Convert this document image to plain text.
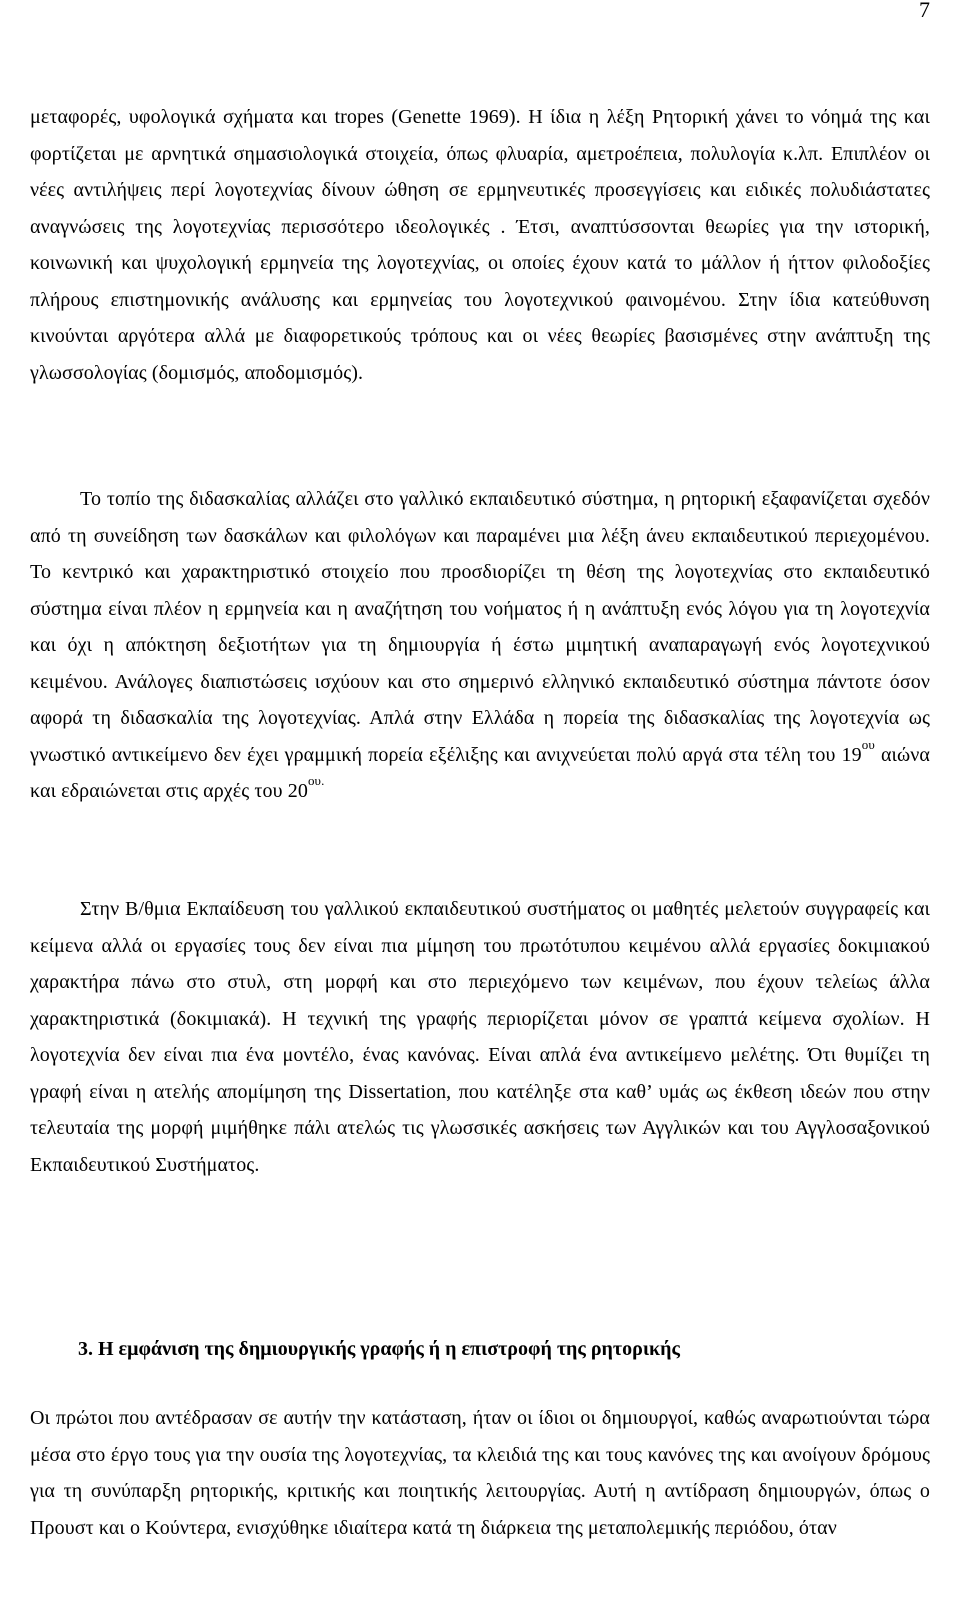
7

μεταφορές, υφολογικά σχήματα και tropes (Genette 1969). Η ίδια η λέξη Ρητορική χάνει το νόημά της και φορτίζεται με αρνητικά σημασιολογικά στοιχεία, όπως φλυαρία, αμετροέπεια, πολυλογία κ.λπ. Επιπλέον οι νέες αντιλήψεις περί λογοτεχνίας δίνουν ώθηση σε ερμηνευτικές προσεγγίσεις και ειδικές πολυδιάστατες αναγνώσεις της λογοτεχνίας περισσότερο ιδεολογικές . Έτσι, αναπτύσσονται θεωρίες για την ιστορική, κοινωνική και ψυχολογική ερμηνεία της λογοτεχνίας, οι οποίες έχουν κατά το μάλλον ή ήττον φιλοδοξίες πλήρους επιστημονικής ανάλυσης και ερμηνείας του λογοτεχνικού φαινομένου. Στην ίδια κατεύθυνση κινούνται αργότερα αλλά με διαφορετικούς τρόπους και οι νέες θεωρίες βασισμένες στην ανάπτυξη της γλωσσολογίας (δομισμός, αποδομισμός).

Το τοπίο της διδασκαλίας αλλάζει στο γαλλικό εκπαιδευτικό σύστημα, η ρητορική εξαφανίζεται σχεδόν από τη συνείδηση των δασκάλων και φιλολόγων και παραμένει μια λέξη άνευ εκπαιδευτικού περιεχομένου. Το κεντρικό και χαρακτηριστικό στοιχείο που προσδιορίζει τη θέση της λογοτεχνίας στο εκπαιδευτικό σύστημα είναι πλέον η ερμηνεία και η αναζήτηση του νοήματος ή η ανάπτυξη ενός λόγου για τη λογοτεχνία και όχι η απόκτηση δεξιοτήτων για τη δημιουργία ή έστω μιμητική αναπαραγωγή ενός λογοτεχνικού κειμένου. Ανάλογες διαπιστώσεις ισχύουν και στο σημερινό ελληνικό εκπαιδευτικό σύστημα πάντοτε όσον αφορά τη διδασκαλία της λογοτεχνίας. Απλά στην Ελλάδα η πορεία της διδασκαλίας της λογοτεχνία ως γνωστικό αντικείμενο δεν έχει γραμμική πορεία εξέλιξης και ανιχνεύεται πολύ αργά στα τέλη του $19^{o\upsilon}$ αιώνα και εδραιώνεται στις αρχές του $20^{o\upsilon.}$

Στην Β/θμια Εκπαίδευση του γαλλικού εκπαιδευτικού συστήματος οι μαθητές μελετούν συγγραφείς και κείμενα αλλά οι εργασίες τους δεν είναι πια μίμηση του πρωτότυπου κειμένου αλλά εργασίες δοκιμιακού χαρακτήρα πάνω στο στυλ, στη μορφή και στο περιεχόμενο των κειμένων, που έχουν τελείως άλλα χαρακτηριστικά (δοκιμιακά). Η τεχνική της γραφής περιορίζεται μόνον σε γραπτά κείμενα σχολίων. Η λογοτεχνία δεν είναι πια ένα μοντέλο, ένας κανόνας. Είναι απλά ένα αντικείμενο μελέτης. Ότι θυμίζει τη γραφή είναι η ατελής απομίμηση της Dissertation, που κατέληξε στα καθ’ υμάς ως έκθεση ιδεών που στην τελευταία της μορφή μιμήθηκε πάλι ατελώς τις γλωσσικές ασκήσεις των Αγγλικών και του Αγγλοσαξονικού Εκπαιδευτικού Συστήματος.

3. Η εμφάνιση της δημιουργικής γραφής ή η επιστροφή της ρητορικής

Οι πρώτοι που αντέδρασαν σε αυτήν την κατάσταση, ήταν οι ίδιοι οι δημιουργοί, καθώς αναρωτιούνται τώρα μέσα στο έργο τους για την ουσία της λογοτεχνίας, τα κλειδιά της και τους κανόνες της και ανοίγουν δρόμους για τη συνύπαρξη ρητορικής, κριτικής και ποιητικής λειτουργίας. Αυτή η αντίδραση δημιουργών, όπως ο Προυστ και ο Κούντερα, ενισχύθηκε ιδιαίτερα κατά τη διάρκεια της μεταπολεμικής περιόδου, όταν
